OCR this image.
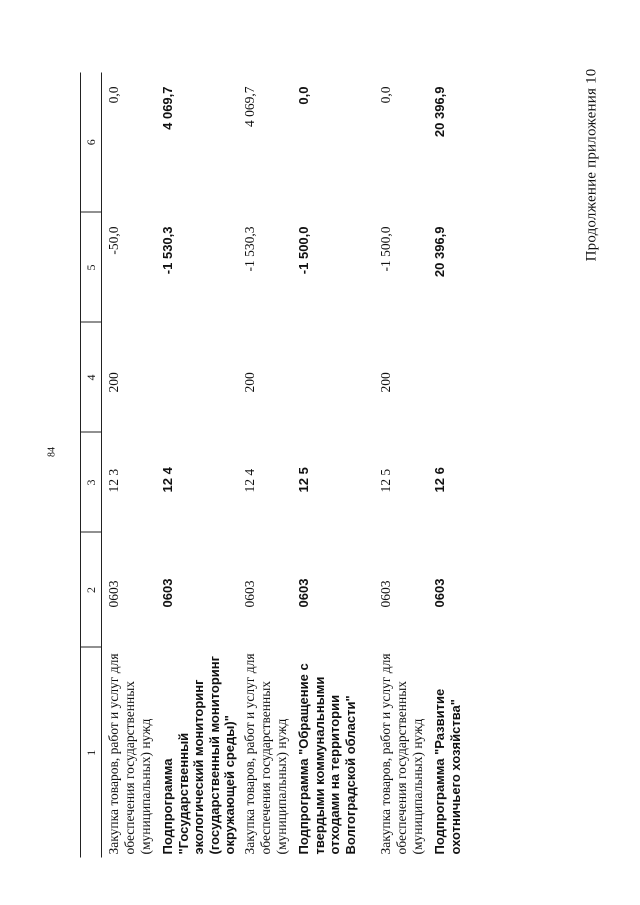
84
Продолжение приложения 10
1	2	3	4	5	6
Закупка товаров, работ и услуг для обеспечения государственных (муниципальных) нужд	0603	12 3	200	-50,0	0,0
Подпрограмма "Государственный экологический мониторинг (государственный мониторинг окружающей среды)"	0603	12 4		-1 530,3	4 069,7
Закупка товаров, работ и услуг для обеспечения государственных (муниципальных) нужд	0603	12 4	200	-1 530,3	4 069,7
Подпрограмма "Обращение с твердыми коммунальными отходами на территории Волгоградской области"	0603	12 5		-1 500,0	0,0
Закупка товаров, работ и услуг для обеспечения государственных (муниципальных) нужд	0603	12 5	200	-1 500,0	0,0
Подпрограмма "Развитие охотничьего хозяйства"	0603	12 6		20 396,9	20 396,9
